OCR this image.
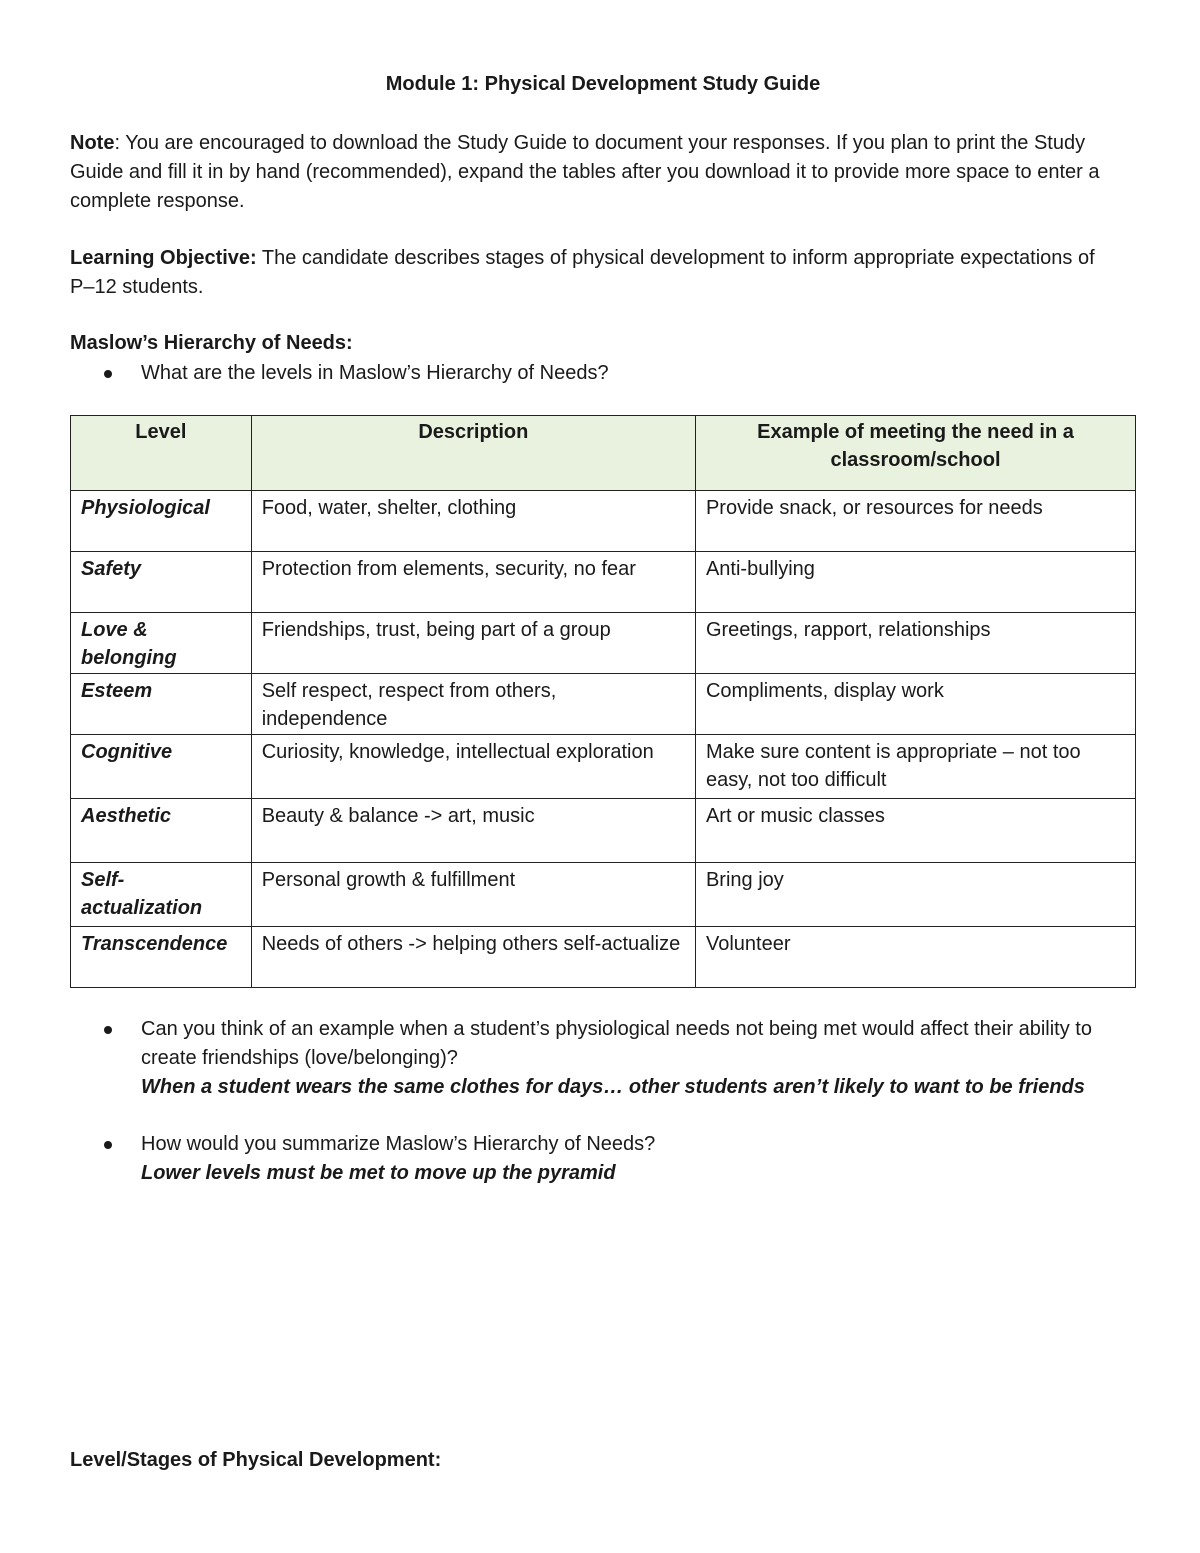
Module 1: Physical Development Study Guide

Note: You are encouraged to download the Study Guide to document your responses. If you plan to print the Study Guide and fill it in by hand (recommended), expand the tables after you download it to provide more space to enter a complete response.

Learning Objective: The candidate describes stages of physical development to inform appropriate expectations of P–12 students.

Maslow’s Hierarchy of Needs:

What are the levels in Maslow’s Hierarchy of Needs?
Level	Description	Example of meeting the need in a classroom/school
Physiological	Food, water, shelter, clothing	Provide snack, or resources for needs
Safety	Protection from elements, security, no fear	Anti-bullying
Love & belonging	Friendships, trust, being part of a group	Greetings, rapport, relationships
Esteem	Self respect, respect from others, independence	Compliments, display work
Cognitive	Curiosity, knowledge, intellectual exploration	Make sure content is appropriate – not too easy, not too difficult
Aesthetic	Beauty & balance -> art, music	Art or music classes
Self-actualization	Personal growth & fulfillment	Bring joy
Transcendence	Needs of others -> helping others self-actualize	Volunteer
Can you think of an example when a student’s physiological needs not being met would affect their ability to create friendships (love/belonging)?
When a student wears the same clothes for days… other students aren’t likely to want to be friends
How would you summarize Maslow’s Hierarchy of Needs?
Lower levels must be met to move up the pyramid

Level/Stages of Physical Development:
